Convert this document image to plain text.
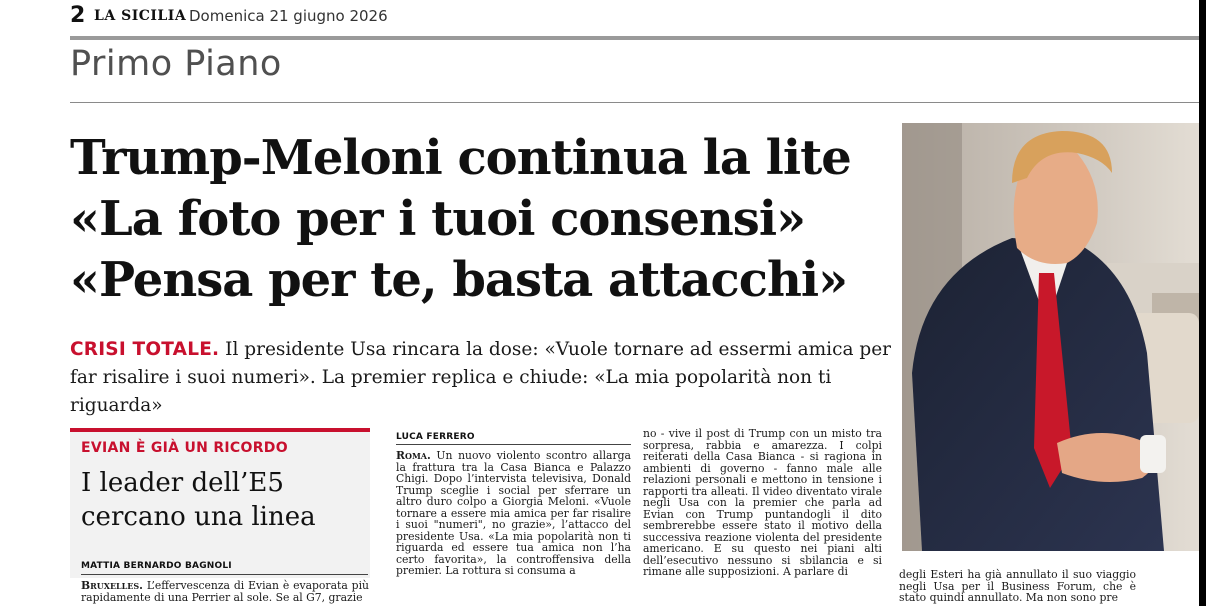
2 LA SICILIA Domenica 21 giugno 2026
Primo Piano
Trump-Meloni continua la lite
«La foto per i tuoi consensi»
«Pensa per te, basta attacchi»
CRISI TOTALE. Il presidente Usa rincara la dose: «Vuole tornare ad essermi amica per far risalire i suoi numeri». La premier replica e chiude: «La mia popolarità non ti riguarda»
EVIAN È GIÀ UN RICORDO
I leader dell’E5
cercano una linea
MATTIA BERNARDO BAGNOLI

Bruxelles. L’effervescenza di Evian è evaporata più rapidamente di una Perrier al sole. Se al G7, grazie

LUCA FERRERO

Roma. Un nuovo violento scontro allarga la frattura tra la Casa Bianca e Palazzo Chigi. Dopo l’intervista televisiva, Donald Trump sceglie i social per sferrare un altro duro colpo a Giorgia Meloni. «Vuole tornare a essere mia amica per far risalire i suoi "numeri", no grazie», l’attacco del presidente Usa. «La mia popolarità non ti riguarda ed essere tua amica non l’ha certo favorita», la controffensiva della premier. La rottura si consuma a

no - vive il post di Trump con un misto tra sorpresa, rabbia e amarezza. I colpi reiterati della Casa Bianca - si ragiona in ambienti di governo - fanno male alle relazioni personali e mettono in tensione i rapporti tra alleati. Il video diventato virale negli Usa con la premier che parla ad Evian con Trump puntandogli il dito sembrerebbe essere stato il motivo della successiva reazione violenta del presidente americano. E su questo nei piani alti dell’esecutivo nessuno si sbilancia e si rimane alle supposizioni. A parlare di	degli Esteri ha già annullato il suo viaggio negli Usa per il Business Forum, che è stato quindi annullato. Ma non sono pre
